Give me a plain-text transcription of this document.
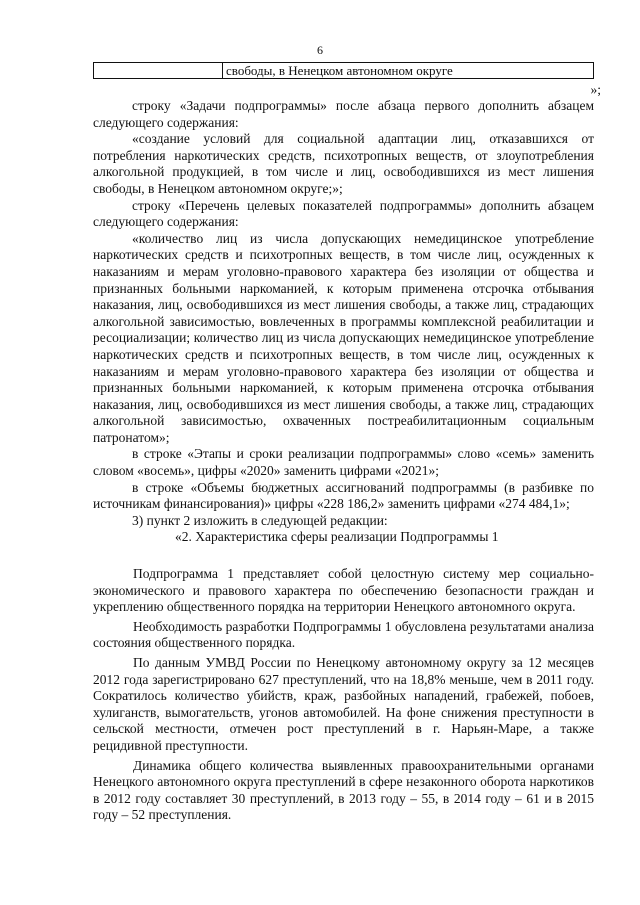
6
	свободы, в Ненецком автономном округе
»;

строку «Задачи подпрограммы» после абзаца первого дополнить абзацем следующего содержания:

«создание условий для социальной адаптации лиц, отказавшихся от потребления наркотических средств, психотропных веществ, от злоупотребления алкогольной продукцией, в том числе и лиц, освободившихся из мест лишения свободы, в Ненецком автономном округе;»;

строку «Перечень целевых показателей подпрограммы» дополнить абзацем следующего содержания:

«количество лиц из числа допускающих немедицинское употребление наркотических средств и психотропных веществ, в том числе лиц, осужденных к наказаниям и мерам уголовно-правового характера без изоляции от общества и признанных больными наркоманией, к которым применена отсрочка отбывания наказания, лиц, освободившихся из мест лишения свободы, а также лиц, страдающих алкогольной зависимостью, вовлеченных в программы комплексной реабилитации и ресоциализации; количество лиц из числа допускающих немедицинское употребление наркотических средств и психотропных веществ, в том числе лиц, осужденных к наказаниям и мерам уголовно-правового характера без изоляции от общества и признанных больными наркоманией, к которым применена отсрочка отбывания наказания, лиц, освободившихся из мест лишения свободы, а также лиц, страдающих алкогольной зависимостью, охваченных постреабилитационным социальным патронатом»;

в строке «Этапы и сроки реализации подпрограммы» слово «семь» заменить словом «восемь», цифры «2020» заменить цифрами «2021»;

в строке «Объемы бюджетных ассигнований подпрограммы (в разбивке по источникам финансирования)» цифры «228 186,2» заменить цифрами «274 484,1»;

3) пункт 2 изложить в следующей редакции:

«2. Характеристика сферы реализации Подпрограммы 1

Подпрограмма 1 представляет собой целостную систему мер социально-экономического и правового характера по обеспечению безопасности граждан и укреплению общественного порядка на территории Ненецкого автономного округа.

Необходимость разработки Подпрограммы 1 обусловлена результатами анализа состояния общественного порядка.

По данным УМВД России по Ненецкому автономному округу за 12 месяцев 2012 года зарегистрировано 627 преступлений, что на 18,8% меньше, чем в 2011 году. Сократилось количество убийств, краж, разбойных нападений, грабежей, побоев, хулиганств, вымогательств, угонов автомобилей. На фоне снижения преступности в сельской местности, отмечен рост преступлений в г. Нарьян-Маре, а также рецидивной преступности.

Динамика общего количества выявленных правоохранительными органами Ненецкого автономного округа преступлений в сфере незаконного оборота наркотиков в 2012 году составляет 30 преступлений, в 2013 году – 55, в 2014 году – 61 и в 2015 году – 52 преступления.
